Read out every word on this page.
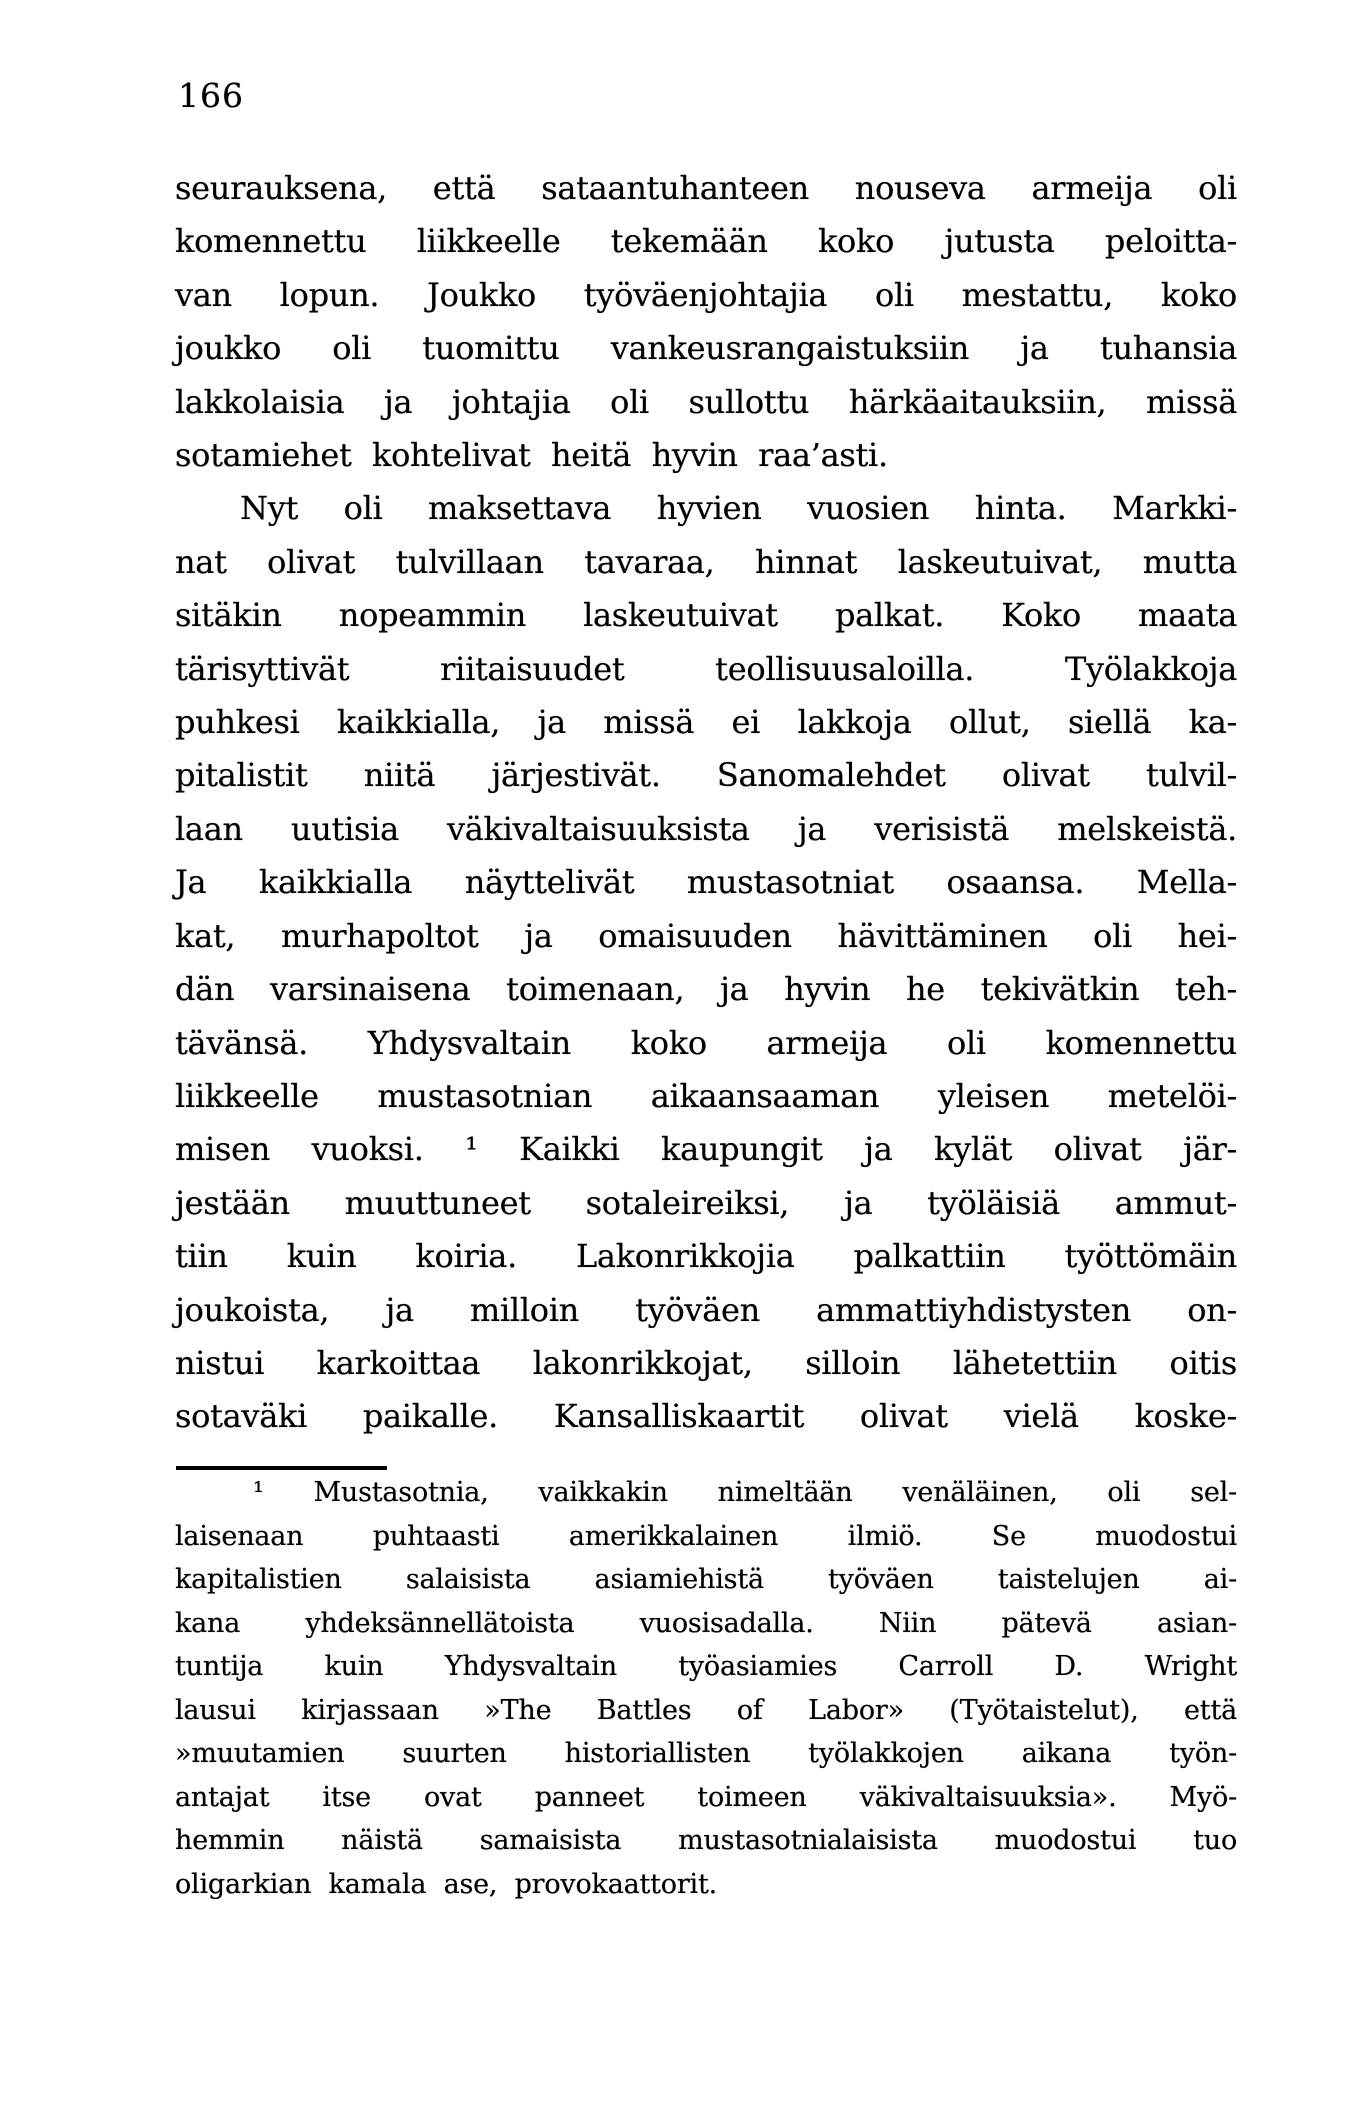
166
seurauksena, että sataantuhanteen nouseva armeija oli
komennettu liikkeelle tekemään koko jutusta peloitta-
van lopun. Joukko työväenjohtajia oli mestattu, koko
joukko oli tuomittu vankeusrangaistuksiin ja tuhansia
lakkolaisia ja johtajia oli sullottu härkäaitauksiin, missä
sotamiehet kohtelivat heitä hyvin raa’asti.
Nyt oli maksettava hyvien vuosien hinta. Markki-
nat olivat tulvillaan tavaraa, hinnat laskeutuivat, mutta
sitäkin nopeammin laskeutuivat palkat. Koko maata
tärisyttivät riitaisuudet teollisuusaloilla. Työlakkoja
puhkesi kaikkialla, ja missä ei lakkoja ollut, siellä ka-
pitalistit niitä järjestivät. Sanomalehdet olivat tulvil-
laan uutisia väkivaltaisuuksista ja verisistä melskeistä.
Ja kaikkialla näyttelivät mustasotniat osaansa. Mella-
kat, murhapoltot ja omaisuuden hävittäminen oli hei-
dän varsinaisena toimenaan, ja hyvin he tekivätkin teh-
tävänsä. Yhdysvaltain koko armeija oli komennettu
liikkeelle mustasotnian aikaansaaman yleisen metelöi-
misen vuoksi. ¹ Kaikki kaupungit ja kylät olivat jär-
jestään muuttuneet sotaleireiksi, ja työläisiä ammut-
tiin kuin koiria. Lakonrikkojia palkattiin työttömäin
joukoista, ja milloin työväen ammattiyhdistysten on-
nistui karkoittaa lakonrikkojat, silloin lähetettiin oitis
sotaväki paikalle. Kansalliskaartit olivat vielä koske-
¹ Mustasotnia, vaikkakin nimeltään venäläinen, oli sel-
laisenaan puhtaasti amerikkalainen ilmiö. Se muodostui
kapitalistien salaisista asiamiehistä työväen taistelujen ai-
kana yhdeksännellätoista vuosisadalla. Niin pätevä asian-
tuntija kuin Yhdysvaltain työasiamies Carroll D. Wright
lausui kirjassaan »The Battles of Labor» (Työtaistelut), että
»muutamien suurten historiallisten työlakkojen aikana työn-
antajat itse ovat panneet toimeen väkivaltaisuuksia». Myö-
hemmin näistä samaisista mustasotnialaisista muodostui tuo
oligarkian kamala ase, provokaattorit.
